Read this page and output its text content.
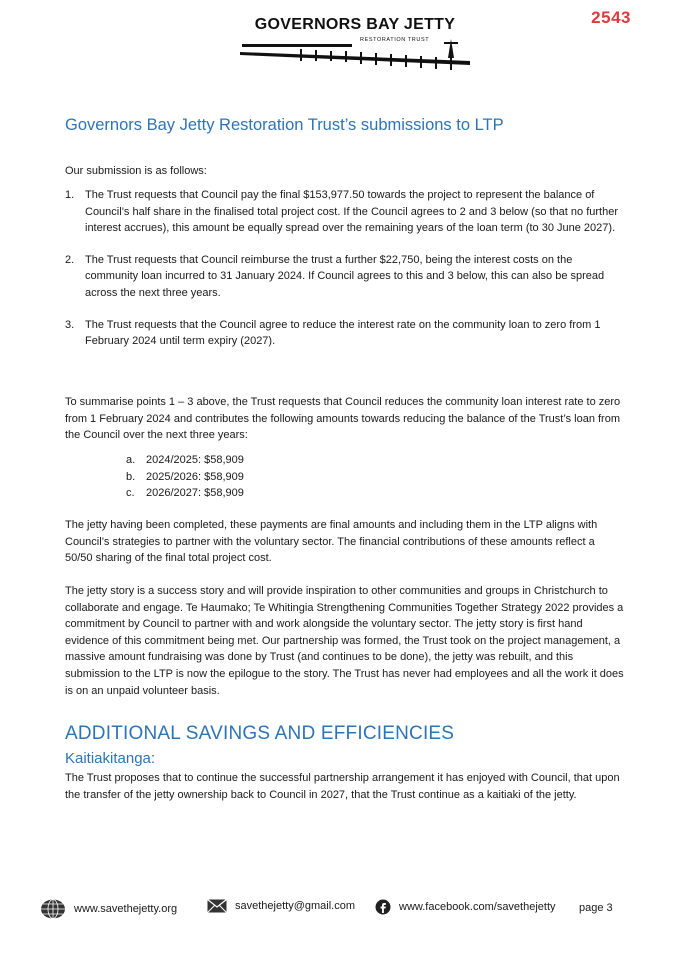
2543
GOVERNORS BAY JETTY
RESTORATION TRUST
Governors Bay Jetty Restoration Trust’s submissions to LTP
Our submission is as follows:
1. The Trust requests that Council pay the final $153,977.50 towards the project to represent the balance of Council’s half share in the finalised total project cost. If the Council agrees to 2 and 3 below (so that no further interest accrues), this amount be equally spread over the remaining years of the loan term (to 30 June 2027).
2. The Trust requests that Council reimburse the trust a further $22,750, being the interest costs on the community loan incurred to 31 January 2024. If Council agrees to this and 3 below, this can also be spread across the next three years.
3. The Trust requests that the Council agree to reduce the interest rate on the community loan to zero from 1 February 2024 until term expiry (2027).
To summarise points 1 – 3 above, the Trust requests that Council reduces the community loan interest rate to zero from 1 February 2024 and contributes the following amounts towards reducing the balance of the Trust’s loan from the Council over the next three years:
a. 2024/2025: $58,909
b. 2025/2026: $58,909
c. 2026/2027: $58,909
The jetty having been completed, these payments are final amounts and including them in the LTP aligns with Council’s strategies to partner with the voluntary sector. The financial contributions of these amounts reflect a 50/50 sharing of the final total project cost.
The jetty story is a success story and will provide inspiration to other communities and groups in Christchurch to collaborate and engage. Te Haumako; Te Whitingia Strengthening Communities Together Strategy 2022 provides a commitment by Council to partner with and work alongside the voluntary sector. The jetty story is first hand evidence of this commitment being met. Our partnership was formed, the Trust took on the project management, a massive amount fundraising was done by Trust (and continues to be done), the jetty was rebuilt, and this submission to the LTP is now the epilogue to the story. The Trust has never had employees and all the work it does is on an unpaid volunteer basis.
ADDITIONAL SAVINGS AND EFFICIENCIES
Kaitiakitanga:
The Trust proposes that to continue the successful partnership arrangement it has enjoyed with Council, that upon the transfer of the jetty ownership back to Council in 2027, that the Trust continue as a kaitiaki of the jetty.
www.savethejetty.org	savethejetty@gmail.com	www.facebook.com/savethejetty page 3
